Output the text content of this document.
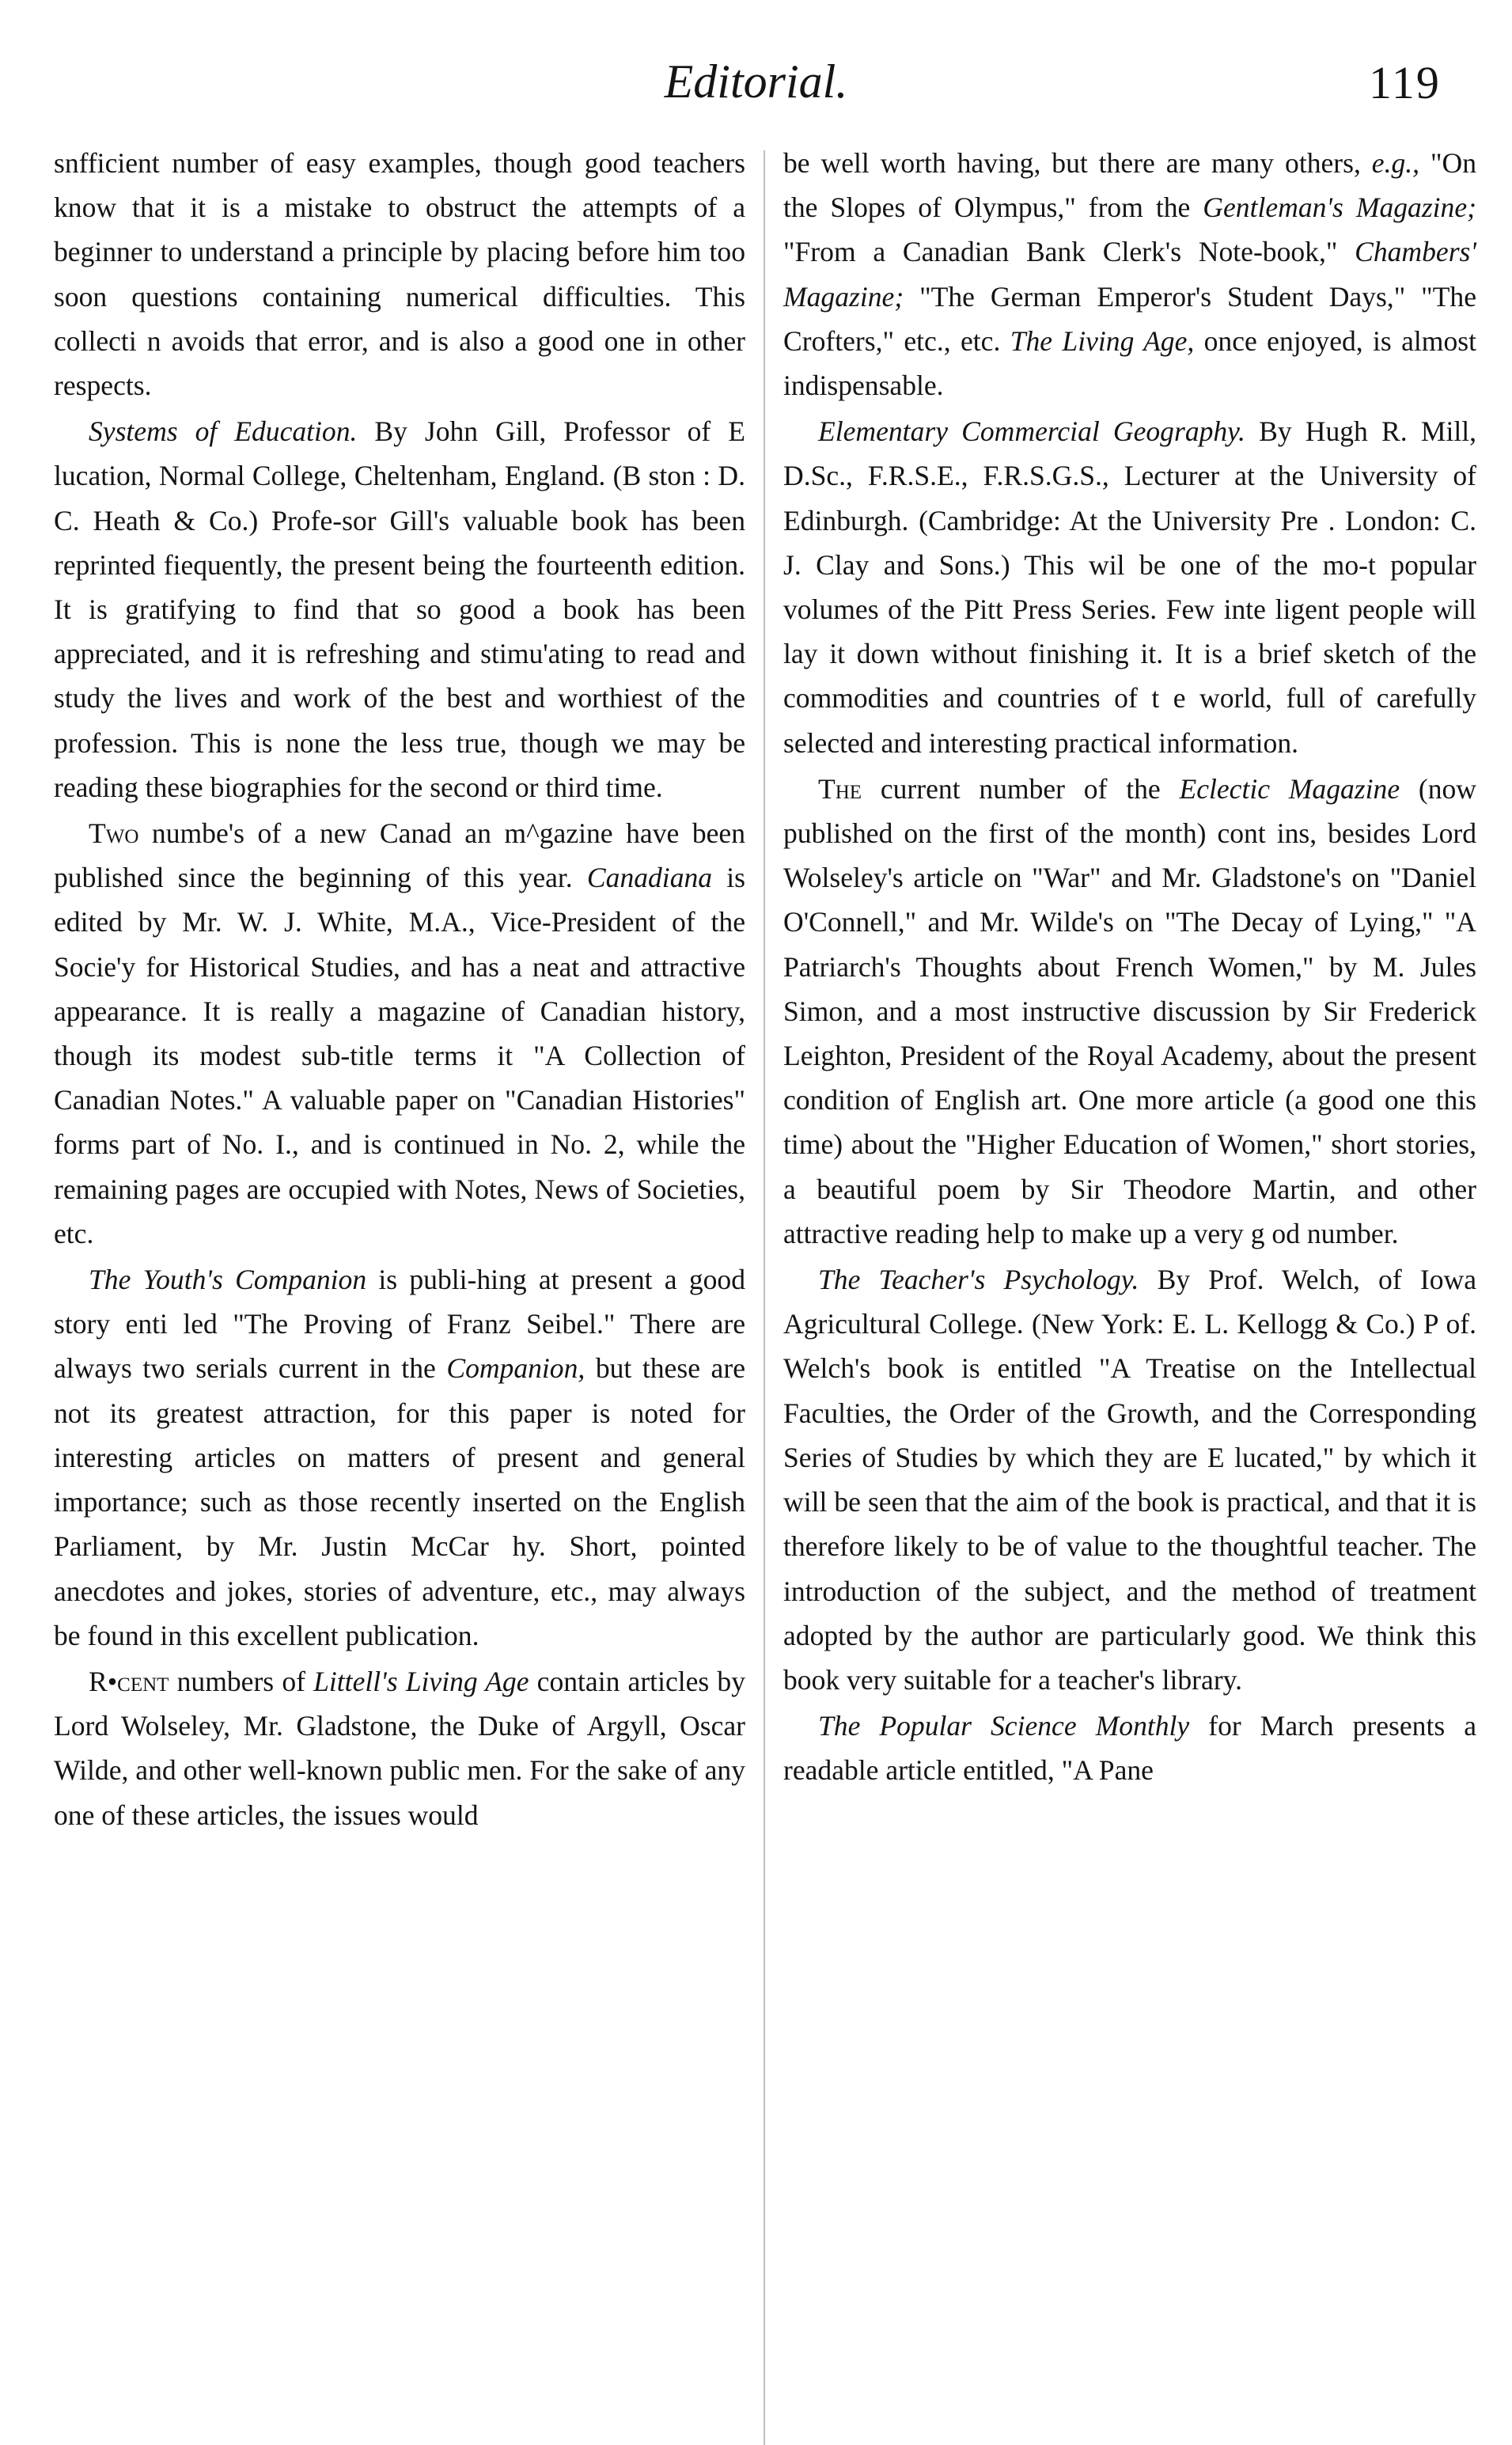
Editorial.	119

snfficient number of easy examples, though good teachers know that it is a mistake to obstruct the attempts of a beginner to understand a principle by placing before him too soon questions containing numerical difficulties. This collecti n avoids that error, and is also a good one in other respects.

Systems of Education. By John Gill, Professor of E lucation, Normal College, Cheltenham, England. (B ston : D. C. Heath & Co.) Profe-sor Gill's valuable book has been reprinted fiequently, the present being the fourteenth edition. It is gratifying to find that so good a book has been appreciated, and it is refreshing and stimu'ating to read and study the lives and work of the best and worthiest of the profession. This is none the less true, though we may be reading these biographies for the second or third time.

Two numbe's of a new Canad an m^gazine have been published since the beginning of this year. Canadiana is edited by Mr. W. J. White, M.A., Vice-President of the Socie'y for Historical Studies, and has a neat and attractive appearance. It is really a magazine of Canadian history, though its modest sub-title terms it "A Collection of Canadian Notes." A valuable paper on "Canadian Histories" forms part of No. I., and is continued in No. 2, while the remaining pages are occupied with Notes, News of Societies, etc.

The Youth's Companion is publi-hing at present a good story enti led "The Proving of Franz Seibel." There are always two serials current in the Companion, but these are not its greatest attraction, for this paper is noted for interesting articles on matters of present and general importance; such as those recently inserted on the English Parliament, by Mr. Justin McCar hy. Short, pointed anecdotes and jokes, stories of adventure, etc., may always be found in this excellent publication.

R•cent numbers of Littell's Living Age contain articles by Lord Wolseley, Mr. Gladstone, the Duke of Argyll, Oscar Wilde, and other well-known public men. For the sake of any one of these articles, the issues would

be well worth having, but there are many others, e.g., "On the Slopes of Olympus," from the Gentleman's Magazine; "From a Canadian Bank Clerk's Note-book," Chambers' Magazine; "The German Emperor's Student Days," "The Crofters," etc., etc. The Living Age, once enjoyed, is almost indispensable.

Elementary Commercial Geography. By Hugh R. Mill, D.Sc., F.R.S.E., F.R.S.G.S., Lecturer at the University of Edinburgh. (Cambridge: At the University Pre . London: C. J. Clay and Sons.) This wil be one of the mo-t popular volumes of the Pitt Press Series. Few inte ligent people will lay it down without finishing it. It is a brief sketch of the commodities and countries of t e world, full of carefully selected and interesting practical information.

The current number of the Eclectic Magazine (now published on the first of the month) cont ins, besides Lord Wolseley's article on "War" and Mr. Gladstone's on "Daniel O'Connell," and Mr. Wilde's on "The Decay of Lying," "A Patriarch's Thoughts about French Women," by M. Jules Simon, and a most instructive discussion by Sir Frederick Leighton, President of the Royal Academy, about the present condition of English art. One more article (a good one this time) about the "Higher Education of Women," short stories, a beautiful poem by Sir Theodore Martin, and other attractive reading help to make up a very g od number.

The Teacher's Psychology. By Prof. Welch, of Iowa Agricultural College. (New York: E. L. Kellogg & Co.) P of. Welch's book is entitled "A Treatise on the Intellectual Faculties, the Order of the Growth, and the Corresponding Series of Studies by which they are E lucated," by which it will be seen that the aim of the book is practical, and that it is therefore likely to be of value to the thoughtful teacher. The introduction of the subject, and the method of treatment adopted by the author are particularly good. We think this book very suitable for a teacher's library.

The Popular Science Monthly for March presents a readable article entitled, "A Pane
